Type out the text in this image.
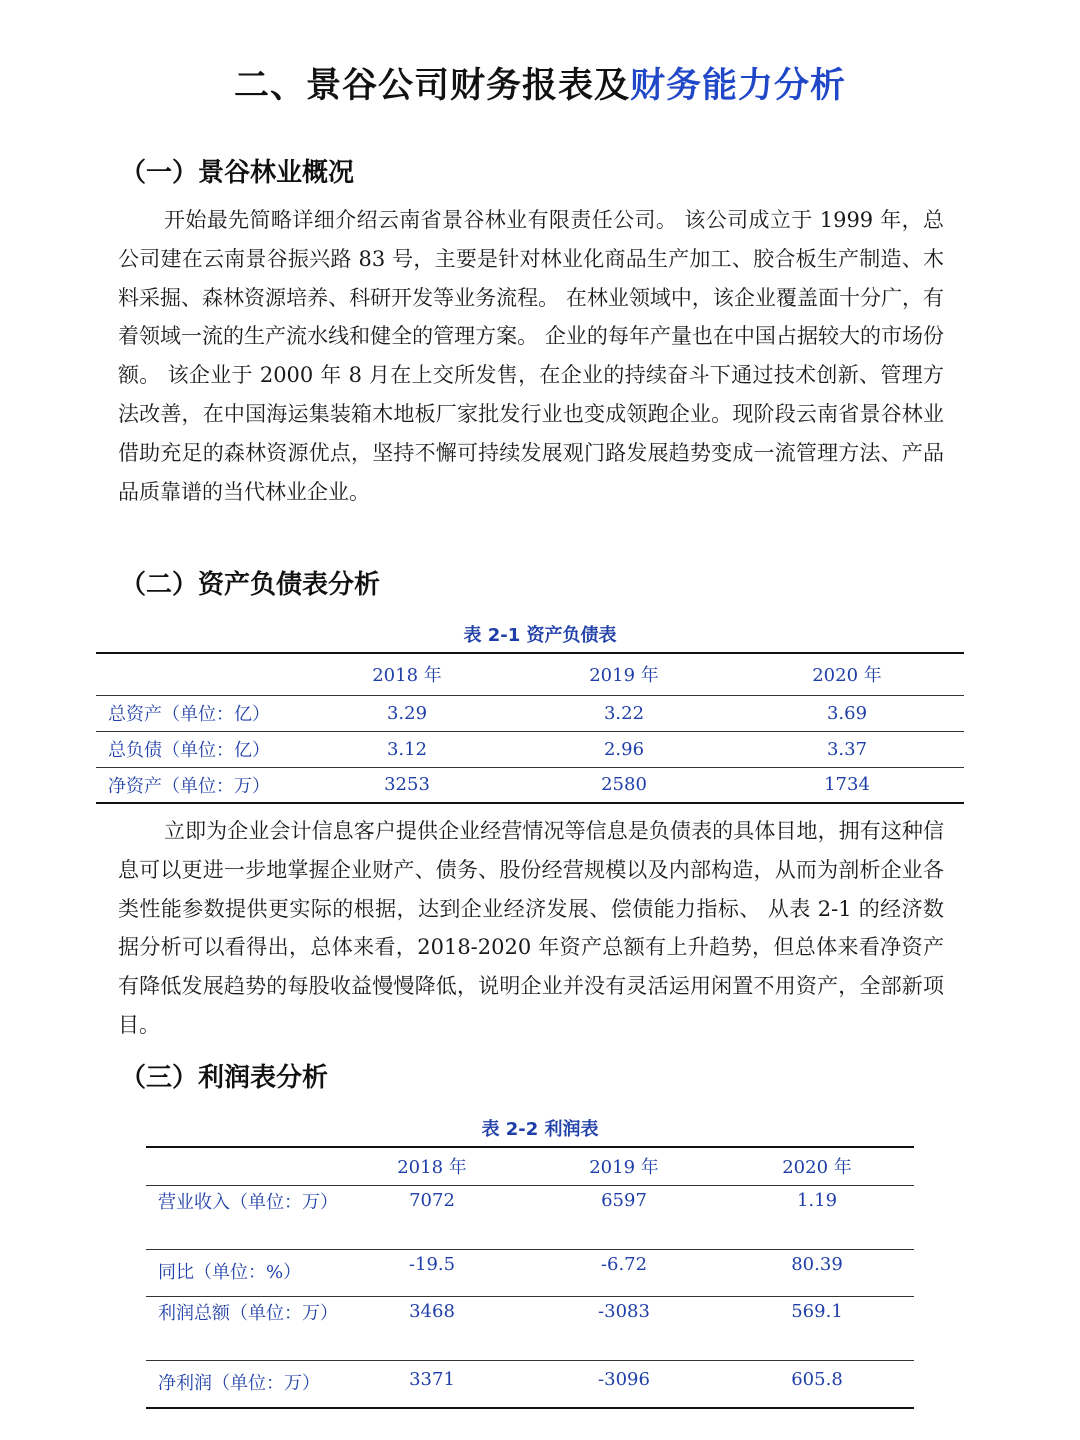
二、景谷公司财务报表及财务能力分析
（一）景谷林业概况

开始最先简略详细介绍云南省景谷林业有限责任公司。 该公司成立于 1999 年，总公司建在云南景谷振兴路 83 号，主要是针对林业化商品生产加工、胶合板生产制造、木料采掘、森林资源培养、科研开发等业务流程。 在林业领域中，该企业覆盖面十分广，有着领域一流的生产流水线和健全的管理方案。 企业的每年产量也在中国占据较大的市场份额。 该企业于 2000 年 8 月在上交所发售，在企业的持续奋斗下通过技术创新、管理方法改善，在中国海运集装箱木地板厂家批发行业也变成领跑企业。现阶段云南省景谷林业借助充足的森林资源优点，坚持不懈可持续发展观门路发展趋势变成一流管理方法、产品品质靠谱的当代林业企业。

（二）资产负债表分析
表 2-1 资产负债表
	2018 年	2019 年	2020 年
总资产（单位：亿）	3.29	3.22	3.69
总负债（单位：亿）	3.12	2.96	3.37
净资产（单位：万）	3253	2580	1734

立即为企业会计信息客户提供企业经营情况等信息是负债表的具体目地，拥有这种信息可以更进一步地掌握企业财产、债务、股份经营规模以及内部构造，从而为剖析企业各类性能参数提供更实际的根据，达到企业经济发展、偿债能力指标、 从表 2-1 的经济数据分析可以看得出，总体来看，2018-2020 年资产总额有上升趋势，但总体来看净资产有降低发展趋势的每股收益慢慢降低，说明企业并没有灵活运用闲置不用资产，全部新项目。

（三）利润表分析
表 2-2 利润表
	2018 年	2019 年	2020 年
营业收入（单位：万）	7072	6597	1.19
同比（单位：%）	-19.5	-6.72	80.39
利润总额（单位：万）	3468	-3083	569.1
净利润（单位：万）	3371	-3096	605.8
